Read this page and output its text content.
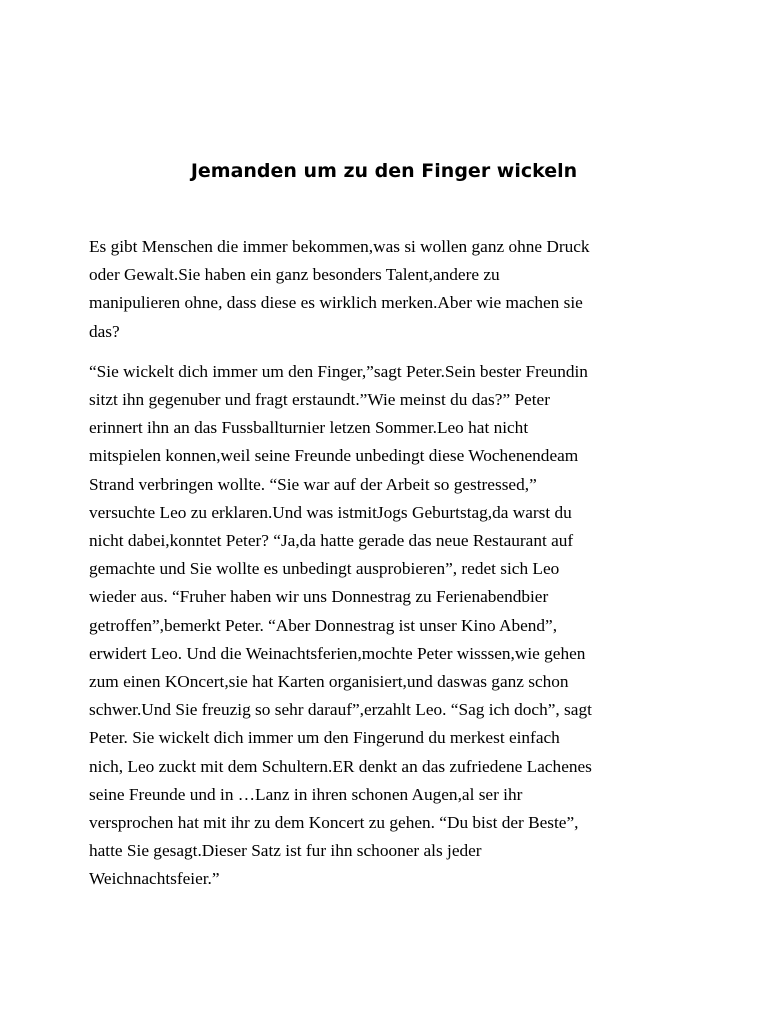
Jemanden um zu den Finger wickeln

Es gibt Menschen die immer bekommen,was si wollen ganz ohne Druck
oder Gewalt.Sie haben ein ganz besonders Talent,andere zu
manipulieren ohne, dass diese es wirklich merken.Aber wie machen sie
das?

“Sie wickelt dich immer um den Finger,”sagt Peter.Sein bester Freundin
sitzt ihn gegenuber und fragt erstaundt.”Wie meinst du das?” Peter
erinnert ihn an das Fussballturnier letzen Sommer.Leo hat nicht
mitspielen konnen,weil seine Freunde unbedingt diese Wochenendeam
Strand verbringen wollte. “Sie war auf der Arbeit so gestressed,”
versuchte Leo zu erklaren.Und was istmitJogs Geburtstag,da warst du
nicht dabei,konntet Peter? “Ja,da hatte gerade das neue Restaurant auf
gemachte und Sie wollte es unbedingt ausprobieren”, redet sich Leo
wieder aus. “Fruher haben wir uns Donnestrag zu Ferienabendbier
getroffen”,bemerkt Peter. “Aber Donnestrag ist unser Kino Abend”,
erwidert Leo. Und die Weinachtsferien,mochte Peter wisssen,wie gehen
zum einen KOncert,sie hat Karten organisiert,und daswas ganz schon
schwer.Und Sie freuzig so sehr darauf”,erzahlt Leo. “Sag ich doch”, sagt
Peter. Sie wickelt dich immer um den Fingerund du merkest einfach
nich, Leo zuckt mit dem Schultern.ER denkt an das zufriedene Lachenes
seine Freunde und in …Lanz in ihren schonen Augen,al ser ihr
versprochen hat mit ihr zu dem Koncert zu gehen. “Du bist der Beste”,
hatte Sie gesagt.Dieser Satz ist fur ihn schooner als jeder
Weichnachtsfeier.”
